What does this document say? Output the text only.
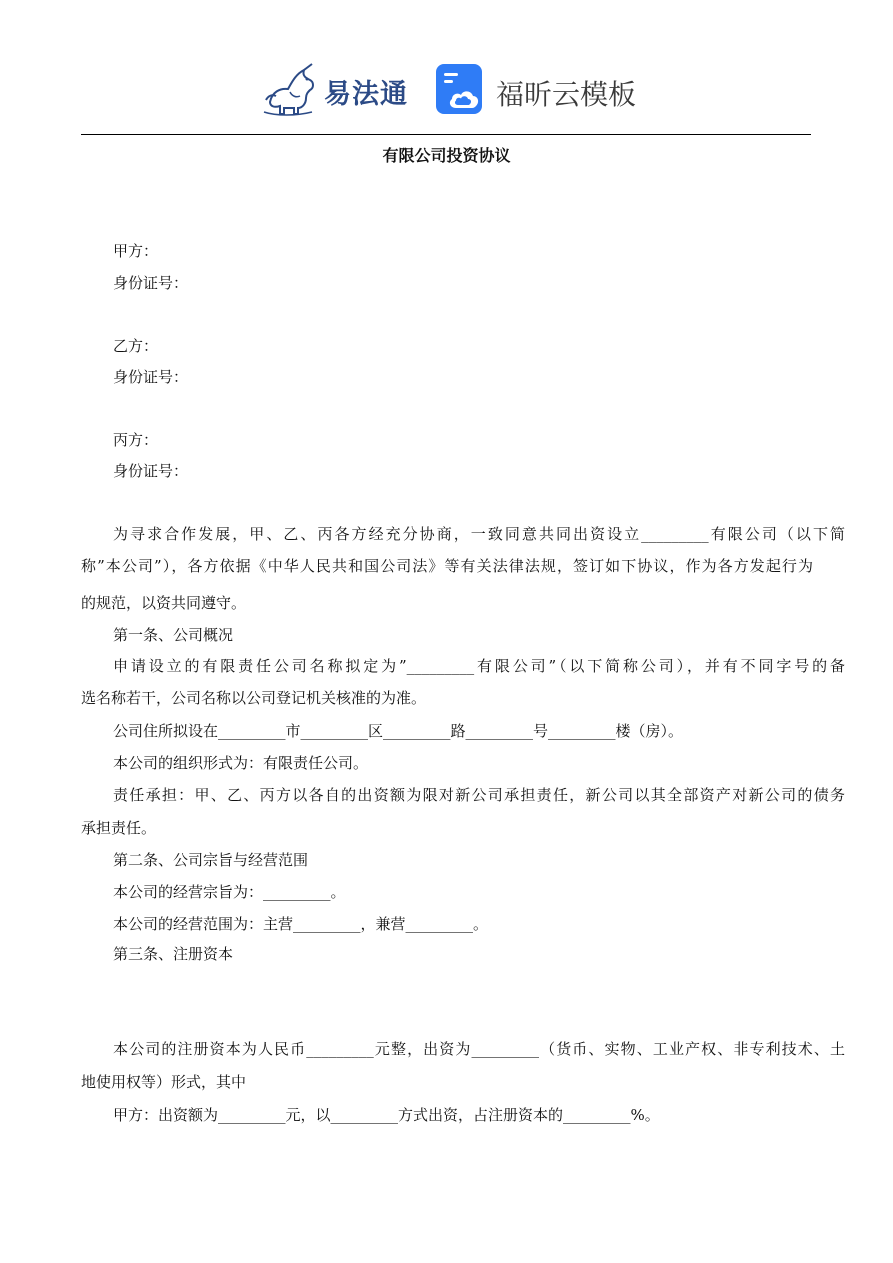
易法通	福昕云模板
有限公司投资协议
甲方：
身份证号：
乙方：
身份证号：
丙方：
身份证号：
为寻求合作发展，甲、乙、丙各方经充分协商，一致同意共同出资设立_________有限公司（以下简
称”本公司”），各方依据《中华人民共和国公司法》等有关法律法规，签订如下协议，作为各方发起行为
的规范，以资共同遵守。
第一条、公司概况
申请设立的有限责任公司名称拟定为”_________有限公司”（以下简称公司），并有不同字号的备
选名称若干，公司名称以公司登记机关核准的为准。
公司住所拟设在_________市_________区_________路_________号_________楼（房）。
本公司的组织形式为：有限责任公司。
责任承担：甲、乙、丙方以各自的出资额为限对新公司承担责任，新公司以其全部资产对新公司的债务
承担责任。
第二条、公司宗旨与经营范围
本公司的经营宗旨为：_________。
本公司的经营范围为：主营_________，兼营_________。
第三条、注册资本
本公司的注册资本为人民币_________元整，出资为_________（货币、实物、工业产权、非专利技术、土
地使用权等）形式，其中
甲方：出资额为_________元，以_________方式出资，占注册资本的_________%。
